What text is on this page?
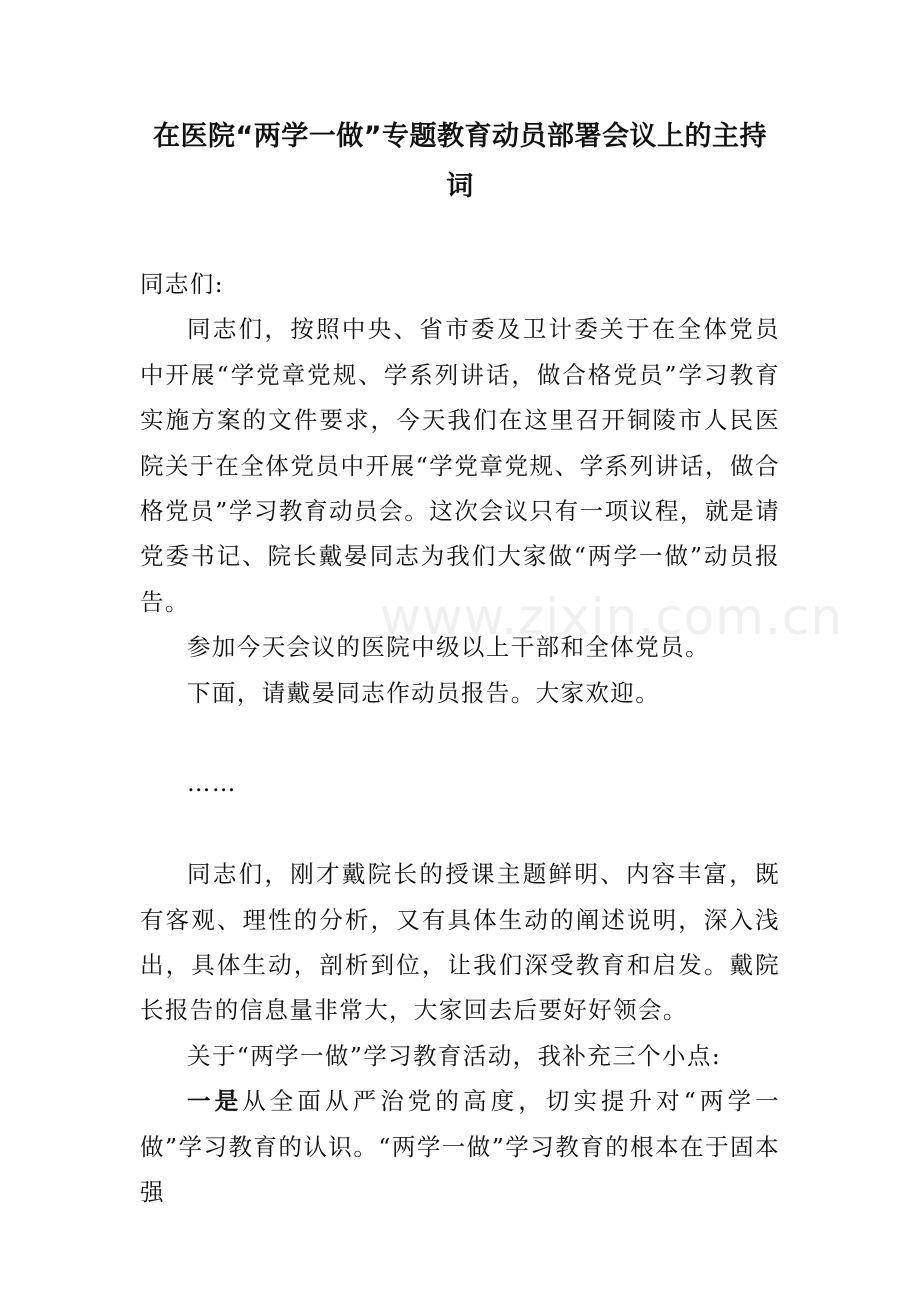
在医院“两学一做”专题教育动员部署会议上的主持词

同志们:

同志们，按照中央、省市委及卫计委关于在全体党员中开展“学党章党规、学系列讲话，做合格党员”学习教育实施方案的文件要求，今天我们在这里召开铜陵市人民医院关于在全体党员中开展“学党章党规、学系列讲话，做合格党员”学习教育动员会。这次会议只有一项议程，就是请党委书记、院长戴晏同志为我们大家做“两学一做”动员报告。

参加今天会议的医院中级以上干部和全体党员。

下面，请戴晏同志作动员报告。大家欢迎。

……

同志们，刚才戴院长的授课主题鲜明、内容丰富，既有客观、理性的分析，又有具体生动的阐述说明，深入浅出，具体生动，剖析到位，让我们深受教育和启发。戴院长报告的信息量非常大，大家回去后要好好领会。

关于“两学一做”学习教育活动，我补充三个小点:

一是从全面从严治党的高度，切实提升对“两学一做”学习教育的认识。“两学一做”学习教育的根本在于固本强

www.zixin.com.cn
